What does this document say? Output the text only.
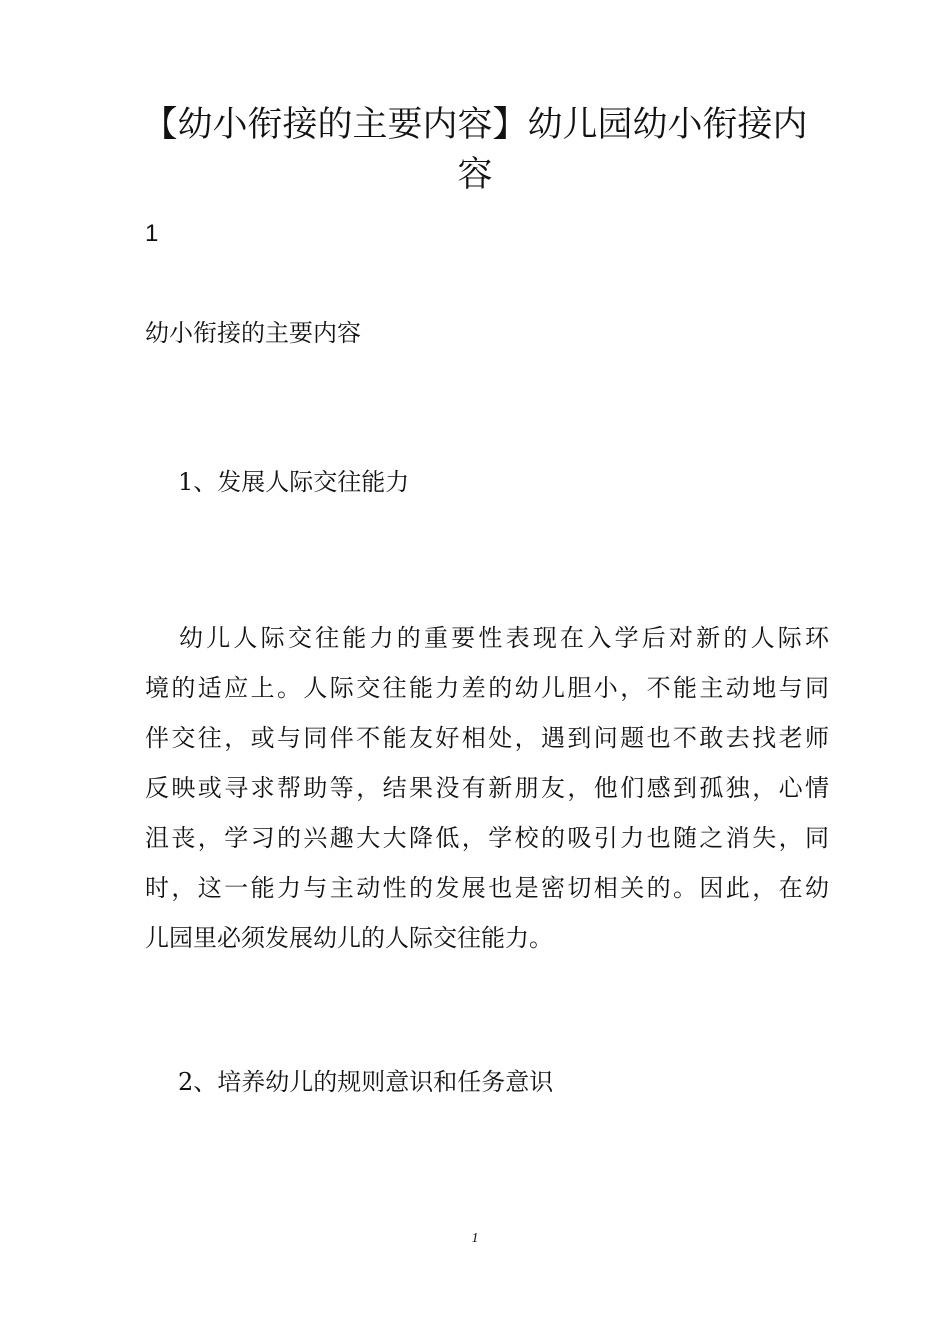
【幼小衔接的主要内容】幼儿园幼小衔接内
容
1
幼小衔接的主要内容
1、发展人际交往能力
幼儿人际交往能力的重要性表现在入学后对新的人际环
境的适应上。人际交往能力差的幼儿胆小，不能主动地与同
伴交往，或与同伴不能友好相处，遇到问题也不敢去找老师
反映或寻求帮助等，结果没有新朋友，他们感到孤独，心情
沮丧，学习的兴趣大大降低，学校的吸引力也随之消失，同
时，这一能力与主动性的发展也是密切相关的。因此，在幼
儿园里必须发展幼儿的人际交往能力。
2、培养幼儿的规则意识和任务意识
1
